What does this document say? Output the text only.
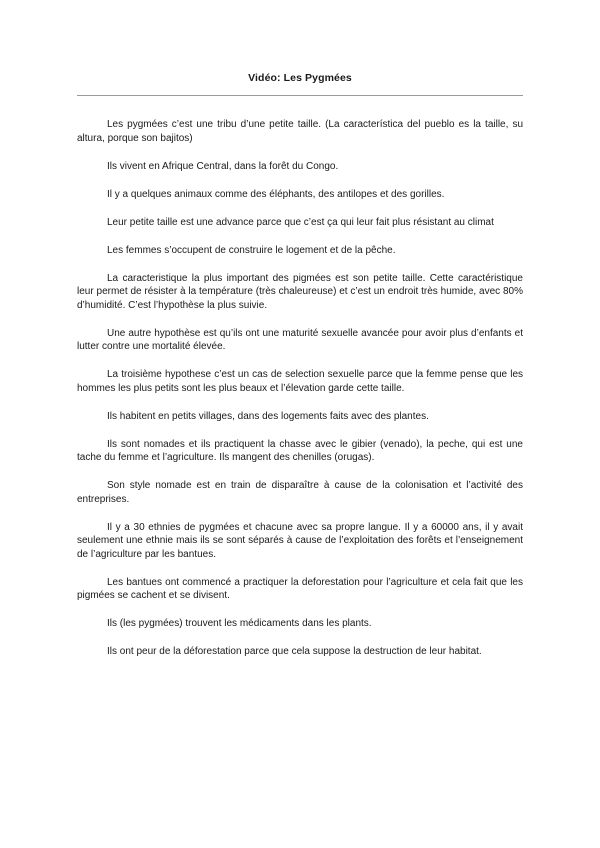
Vidéo: Les Pygmées

Les pygmées c’est une tribu d’une petite taille. (La característica del pueblo es la taille, su altura, porque son bajitos)

Ils vivent en Afrique Central, dans la forêt du Congo.

Il y a quelques animaux comme des éléphants, des antilopes et des gorilles.

Leur petite taille est une advance parce que c’est ça qui leur fait plus résistant au climat

Les femmes s’occupent de construire le logement et de la pêche.

La caracteristique la plus important des pigmées est son petite taille. Cette caractéristique leur permet de résister à la température (très chaleureuse) et c’est un endroit très humide, avec 80% d’humidité. C’est l’hypothèse la plus suivie.

Une autre hypothèse est qu’ils ont une maturité sexuelle avancée pour avoir plus d’enfants et lutter contre une mortalité élevée.

La troisième hypothese c’est un cas de selection sexuelle parce que la femme pense que les hommes les plus petits sont les plus beaux et l’élevation garde cette taille.

Ils habitent en petits villages, dans des logements faits avec des plantes.

Ils sont nomades et ils practiquent la chasse avec le gibier (venado), la peche, qui est une tache du femme et l’agriculture. Ils mangent des chenilles (orugas).

Son style nomade est en train de disparaître à cause de la colonisation et l’activité des entreprises.

Il y a 30 ethnies de pygmées et chacune avec sa propre langue. Il y a 60000 ans, il y avait seulement une ethnie mais ils se sont séparés à cause de l’exploitation des forêts et l’enseignement de l’agriculture par les bantues.

Les bantues ont commencé a practiquer la deforestation pour l’agriculture et cela fait que les pigmées se cachent et se divisent.

Ils (les pygmées) trouvent les médicaments dans les plants.

Ils ont peur de la déforestation parce que cela suppose la destruction de leur habitat.
